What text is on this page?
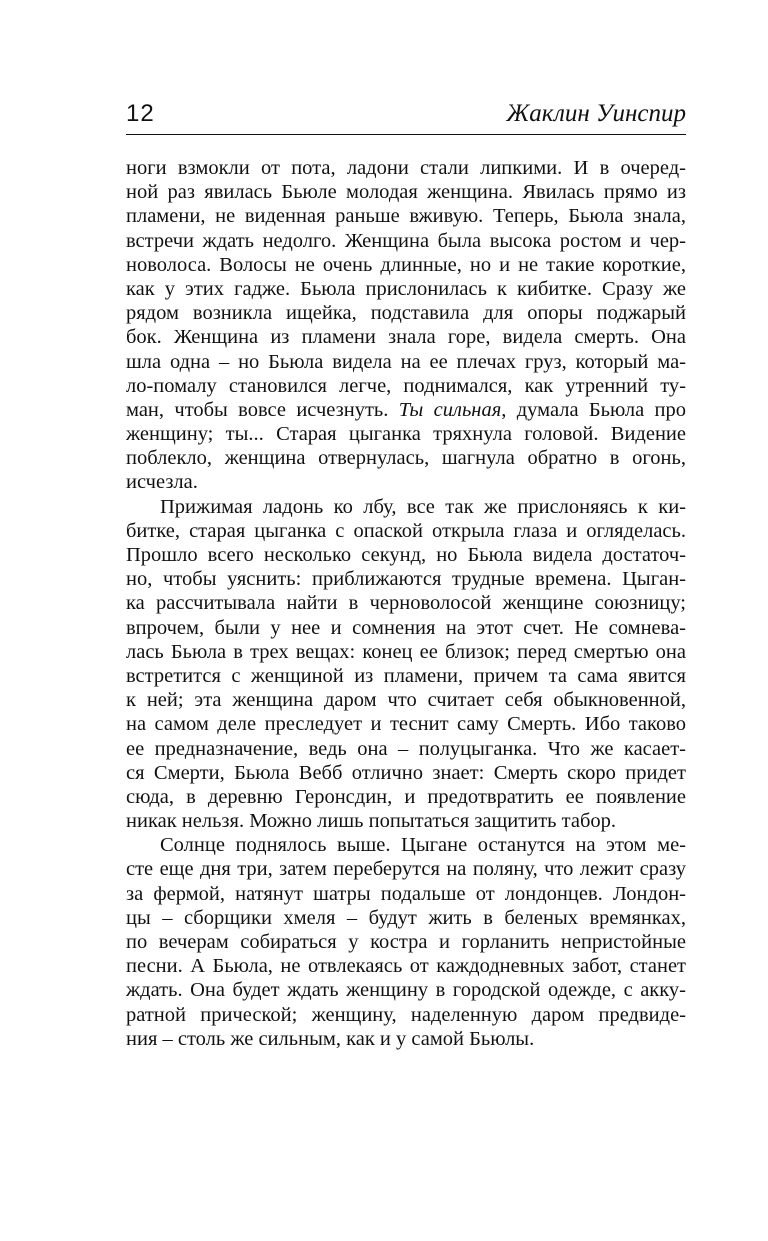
12	Жаклин Уинспир
ноги взмокли от пота, ладони стали липкими. И в очеред-
ной раз явилась Бьюле молодая женщина. Явилась прямо из
пламени, не виденная раньше вживую. Теперь, Бьюла знала,
встречи ждать недолго. Женщина была высока ростом и чер-
новолоса. Волосы не очень длинные, но и не такие короткие,
как у этих гадже. Бьюла прислонилась к кибитке. Сразу же
рядом возникла ищейка, подставила для опоры поджарый
бок. Женщина из пламени знала горе, видела смерть. Она
шла одна – но Бьюла видела на ее плечах груз, который ма-
ло-помалу становился легче, поднимался, как утренний ту-
ман, чтобы вовсе исчезнуть. Ты сильная, думала Бьюла про
женщину; ты... Старая цыганка тряхнула головой. Видение
поблекло, женщина отвернулась, шагнула обратно в огонь,
исчезла.
Прижимая ладонь ко лбу, все так же прислоняясь к ки-
битке, старая цыганка с опаской открыла глаза и огляделась.
Прошло всего несколько секунд, но Бьюла видела достаточ-
но, чтобы уяснить: приближаются трудные времена. Цыган-
ка рассчитывала найти в черноволосой женщине союзницу;
впрочем, были у нее и сомнения на этот счет. Не сомнева-
лась Бьюла в трех вещах: конец ее близок; перед смертью она
встретится с женщиной из пламени, причем та сама явится
к ней; эта женщина даром что считает себя обыкновенной,
на самом деле преследует и теснит саму Смерть. Ибо таково
ее предназначение, ведь она – полуцыганка. Что же касает-
ся Смерти, Бьюла Вебб отлично знает: Смерть скоро придет
сюда, в деревню Геронсдин, и предотвратить ее появление
никак нельзя. Можно лишь попытаться защитить табор.
Солнце поднялось выше. Цыгане останутся на этом ме-
сте еще дня три, затем переберутся на поляну, что лежит сразу
за фермой, натянут шатры подальше от лондонцев. Лондон-
цы – сборщики хмеля – будут жить в беленых времянках,
по вечерам собираться у костра и горланить непристойные
песни. А Бьюла, не отвлекаясь от каждодневных забот, станет
ждать. Она будет ждать женщину в городской одежде, с акку-
ратной прической; женщину, наделенную даром предвиде-
ния – столь же сильным, как и у самой Бьюлы.
